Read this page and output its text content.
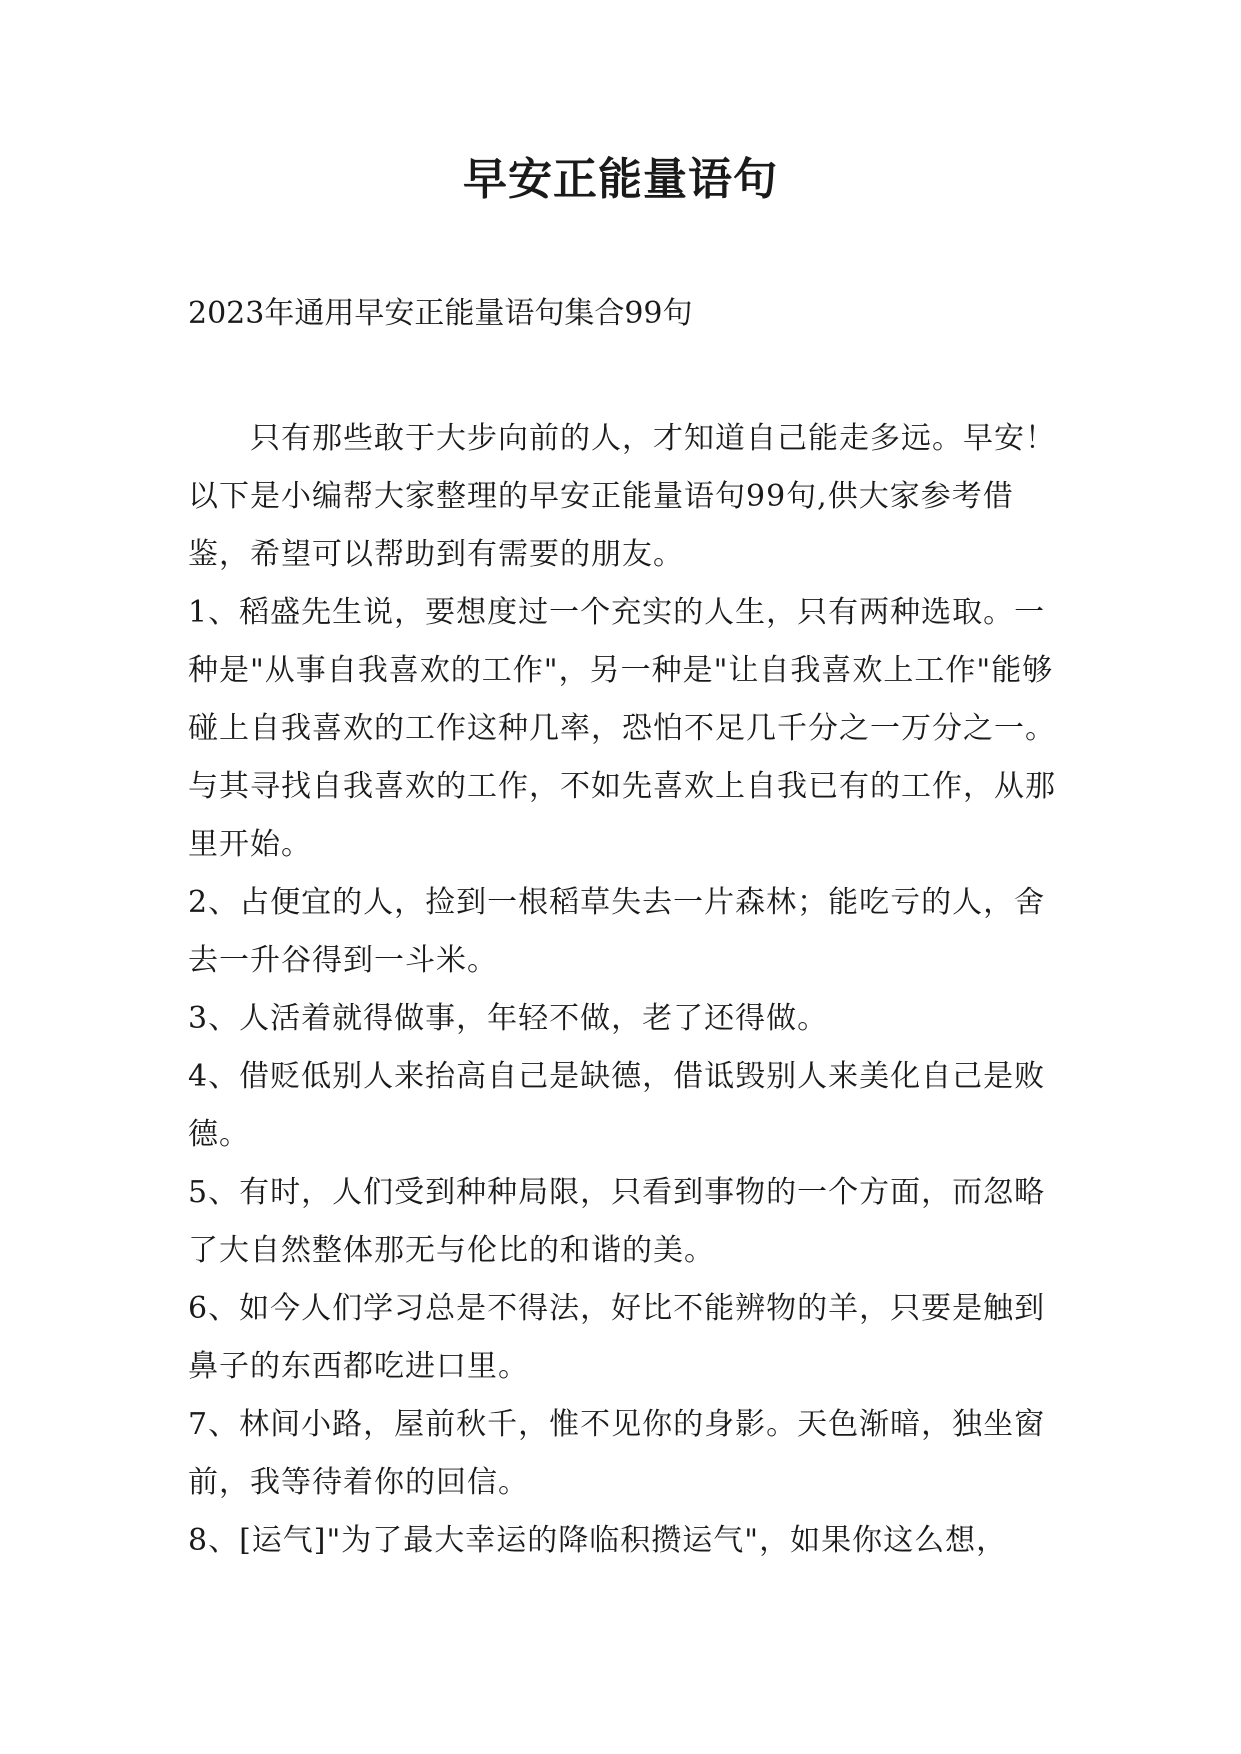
早安正能量语句
2023年通用早安正能量语句集合99句

只有那些敢于大步向前的人，才知道自己能走多远。早安！以下是小编帮大家整理的早安正能量语句99句,供大家参考借鉴，希望可以帮助到有需要的朋友。

1、稻盛先生说，要想度过一个充实的人生，只有两种选取。一种是"从事自我喜欢的工作"，另一种是"让自我喜欢上工作"能够碰上自我喜欢的工作这种几率，恐怕不足几千分之一万分之一。与其寻找自我喜欢的工作，不如先喜欢上自我已有的工作，从那里开始。

2、占便宜的人，捡到一根稻草失去一片森林；能吃亏的人，舍去一升谷得到一斗米。

3、人活着就得做事，年轻不做，老了还得做。

4、借贬低别人来抬高自己是缺德，借诋毁别人来美化自己是败德。

5、有时，人们受到种种局限，只看到事物的一个方面，而忽略了大自然整体那无与伦比的和谐的美。

6、如今人们学习总是不得法，好比不能辨物的羊，只要是触到鼻子的东西都吃进口里。

7、林间小路，屋前秋千，惟不见你的身影。天色渐暗，独坐窗前，我等待着你的回信。

8、[运气]"为了最大幸运的降临积攒运气"，如果你这么想，
